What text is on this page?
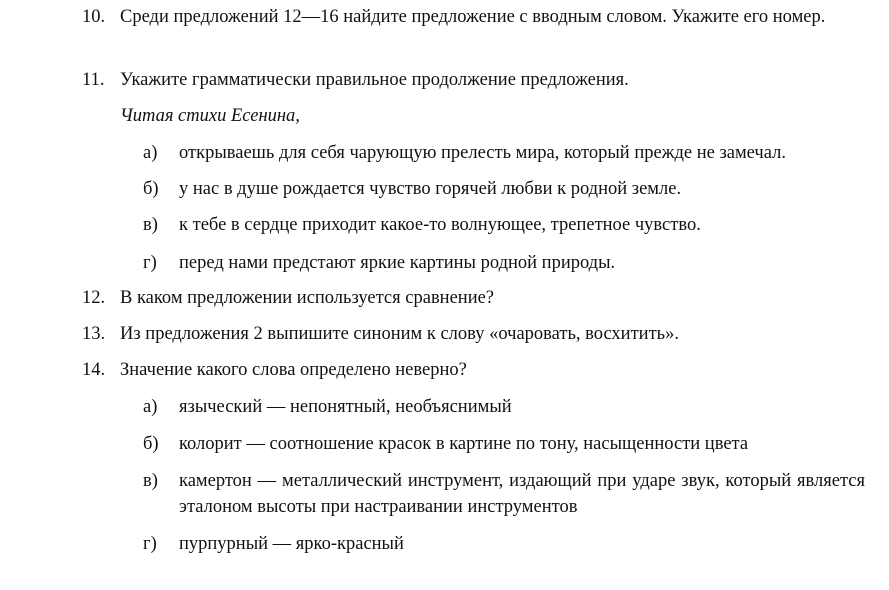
10. Среди предложений 12—16 найдите предложение с вводным словом. Укажите его номер.
11. Укажите грамматически правильное продолжение предложения.
Читая стихи Есенина,
а)	открываешь для себя чарующую прелесть мира, который прежде не замечал.
б)	у нас в душе рождается чувство горячей любви к родной земле.
в)	к тебе в сердце приходит какое-то волнующее, трепетное чувство.
г)	перед нами предстают яркие картины родной природы.
12. В каком предложении используется сравнение?
13. Из предложения 2 выпишите синоним к слову «очаровать, восхитить».
14. Значение какого слова определено неверно?
а)	языческий — непонятный, необъяснимый
б)	колорит — соотношение красок в картине по тону, насыщенности цвета
в)	камертон — металлический инструмент, издающий при ударе звук, который является эталоном высоты при настраивании инструментов
г)	пурпурный — ярко-красный
